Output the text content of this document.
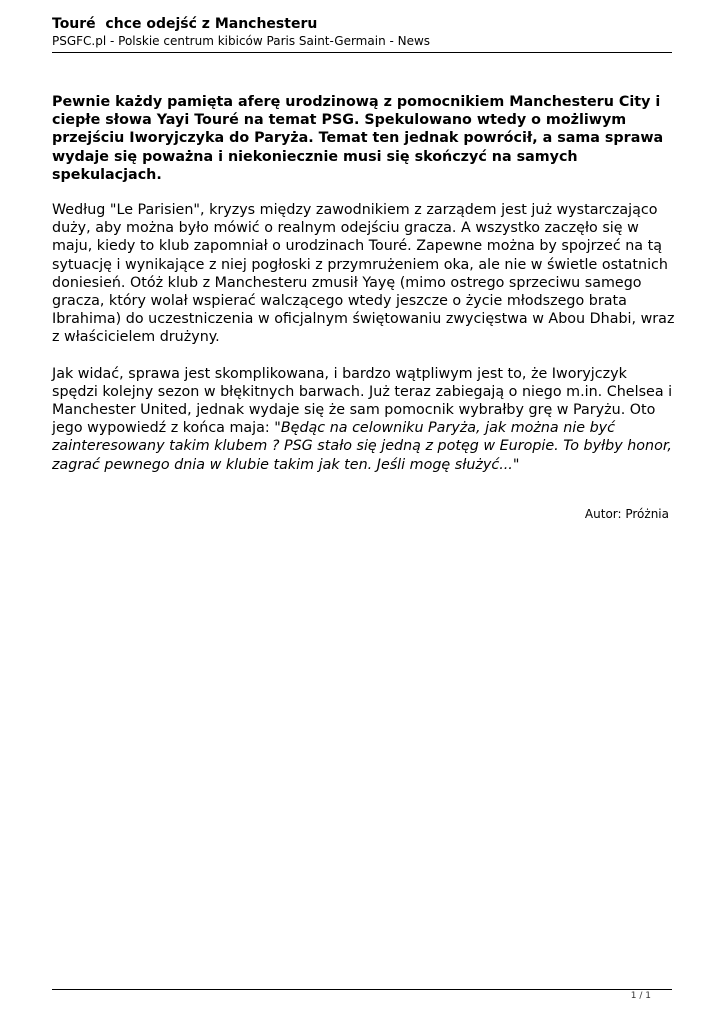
Touré  chce odejść z Manchesteru
PSGFC.pl - Polskie centrum kibiców Paris Saint-Germain - News

Pewnie każdy pamięta aferę urodzinową z pomocnikiem Manchesteru City i ciepłe słowa Yayi Touré na temat PSG. Spekulowano wtedy o możliwym przejściu Iworyjczyka do Paryża. Temat ten jednak powrócił, a sama sprawa wydaje się poważna i niekoniecznie musi się skończyć na samych spekulacjach.

Według "Le Parisien", kryzys między zawodnikiem z zarządem jest już wystarczająco duży, aby można było mówić o realnym odejściu gracza. A wszystko zaczęło się w maju, kiedy to klub zapomniał o urodzinach Touré. Zapewne można by spojrzeć na tą sytuację i wynikające z niej pogłoski z przymrużeniem oka, ale nie w świetle ostatnich doniesień. Otóż klub z Manchesteru zmusił Yayę (mimo ostrego sprzeciwu samego gracza, który wolał wspierać walczącego wtedy jeszcze o życie młodszego brata Ibrahima) do uczestniczenia w oficjalnym świętowaniu zwycięstwa w Abou Dhabi, wraz z właścicielem drużyny.

Jak widać, sprawa jest skomplikowana, i bardzo wątpliwym jest to, że Iworyjczyk spędzi kolejny sezon w błękitnych barwach. Już teraz zabiegają o niego m.in. Chelsea i Manchester United, jednak wydaje się że sam pomocnik wybrałby grę w Paryżu. Oto jego wypowiedź z końca maja: "Będąc na celowniku Paryża, jak można nie być zainteresowany takim klubem ? PSG stało się jedną z potęg w Europie. To byłby honor, zagrać pewnego dnia w klubie takim jak ten. Jeśli mogę służyć..."

Autor: Próżnia
1 / 1
